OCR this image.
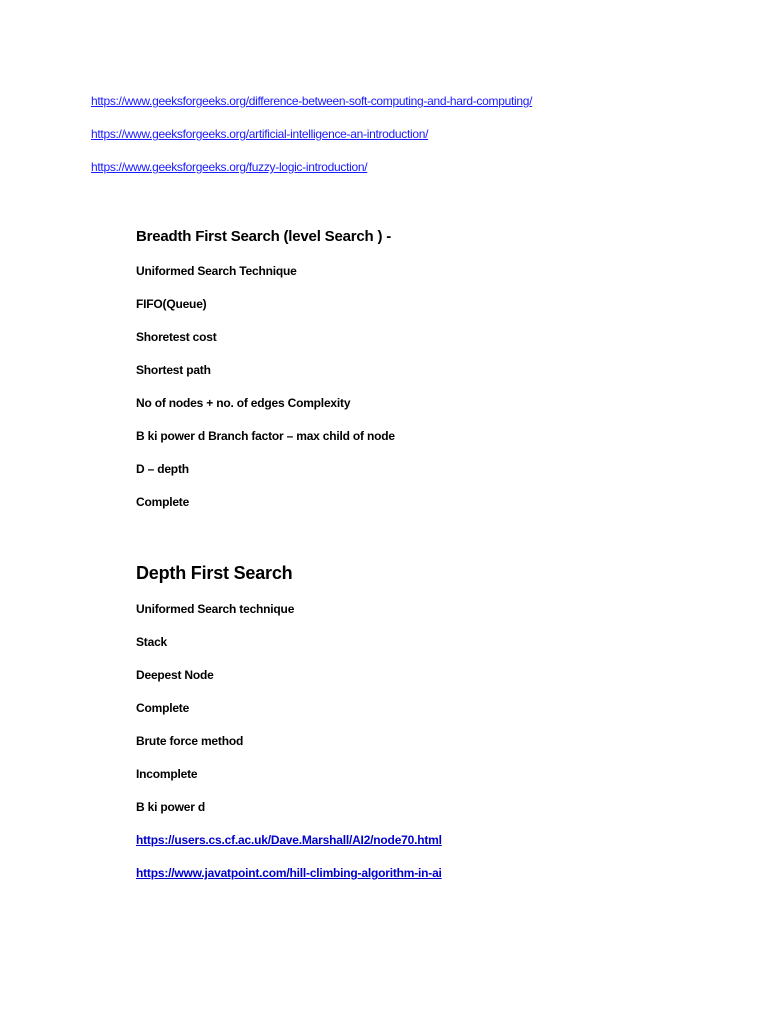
https://www.geeksforgeeks.org/difference-between-soft-computing-and-hard-computing/
https://www.geeksforgeeks.org/artificial-intelligence-an-introduction/
https://www.geeksforgeeks.org/fuzzy-logic-introduction/
Breadth First Search (level Search ) -
Uniformed Search Technique
FIFO(Queue)
Shoretest cost
Shortest path
No of nodes + no. of edges Complexity
B ki power d Branch factor – max child of node
D – depth
Complete
Depth First Search
Uniformed Search technique
Stack
Deepest Node
Complete
Brute force method
Incomplete
B ki power d
https://users.cs.cf.ac.uk/Dave.Marshall/AI2/node70.html
https://www.javatpoint.com/hill-climbing-algorithm-in-ai
